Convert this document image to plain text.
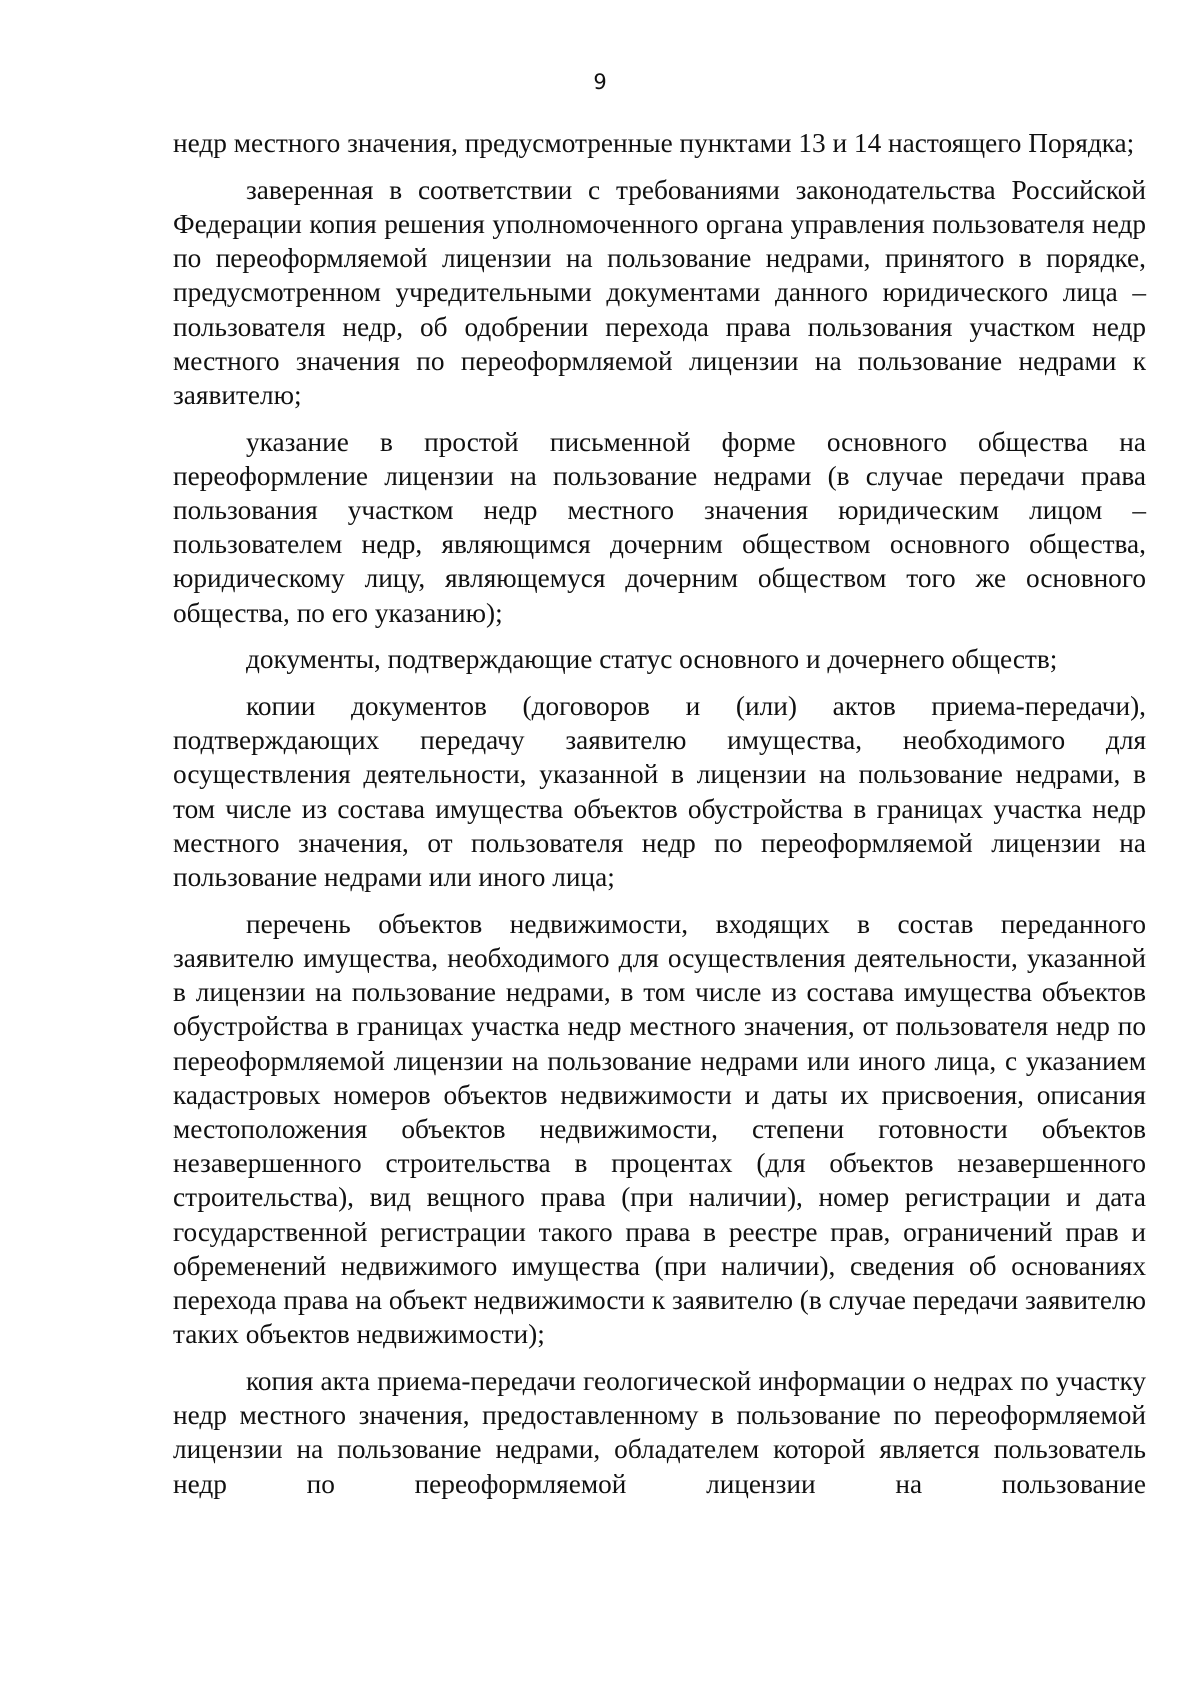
9

недр местного значения, предусмотренные пунктами 13 и 14 настоящего Порядка;

заверенная в соответствии с требованиями законодательства Российской Федерации копия решения уполномоченного органа управления пользователя недр по переоформляемой лицензии на пользование недрами, принятого в порядке, предусмотренном учредительными документами данного юридического лица – пользователя недр, об одобрении перехода права пользования участком недр местного значения по переоформляемой лицензии на пользование недрами к заявителю;

указание в простой письменной форме основного общества на переоформление лицензии на пользование недрами (в случае передачи права пользования участком недр местного значения юридическим лицом – пользователем недр, являющимся дочерним обществом основного общества, юридическому лицу, являющемуся дочерним обществом того же основного общества, по его указанию);

документы, подтверждающие статус основного и дочернего обществ;

копии документов (договоров и (или) актов приема-передачи), подтверждающих передачу заявителю имущества, необходимого для осуществления деятельности, указанной в лицензии на пользование недрами, в том числе из состава имущества объектов обустройства в границах участка недр местного значения, от пользователя недр по переоформляемой лицензии на пользование недрами или иного лица;

перечень объектов недвижимости, входящих в состав переданного заявителю имущества, необходимого для осуществления деятельности, указанной в лицензии на пользование недрами, в том числе из состава имущества объектов обустройства в границах участка недр местного значения, от пользователя недр по переоформляемой лицензии на пользование недрами или иного лица, с указанием кадастровых номеров объектов недвижимости и даты их присвоения, описания местоположения объектов недвижимости, степени готовности объектов незавершенного строительства в процентах (для объектов незавершенного строительства), вид вещного права (при наличии), номер регистрации и дата государственной регистрации такого права в реестре прав, ограничений прав и обременений недвижимого имущества (при наличии), сведения об основаниях перехода права на объект недвижимости к заявителю (в случае передачи заявителю таких объектов недвижимости);

копия акта приема-передачи геологической информации о недрах по участку недр местного значения, предоставленному в пользование по переоформляемой лицензии на пользование недрами, обладателем которой является пользователь недр по переоформляемой лицензии на пользование
